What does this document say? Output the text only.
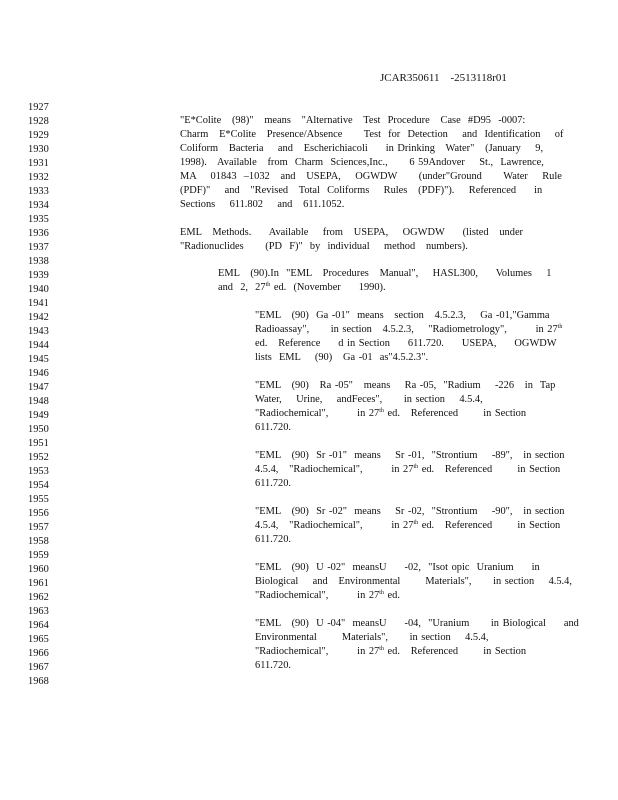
JCAR350611    -2513118r01
1927
1928
1929
1930
1931
1932
1933
1934
1935
1936
1937
1938
1939
1940
1941
1942
1943
1944
1945
1946
1947
1948
1949
1950
1951
1952
1953
1954
1955
1956
1957
1958
1959
1960
1961
1962
1963
1964
1965
1966
1967
1968
"E*Colite   (98)"   means   "Alternative   Test  Procedure   Case  #D95  -0007:
Charm   E*Colite   Presence/Absence      Test  for  Detection    and  Identification    of
Coliform   Bacteria    and   Escherichiacoli     in Drinking   Water"   (January    9,
1998).   Available   from  Charm  Sciences,Inc.,      6 59Andover    St.,  Lawrence,
MA    01843  –1032   and   USEPA,    OGWDW      (under"Ground      Water    Rule
(PDF)"    and   "Revised   Total  Coliforms    Rules   (PDF)").    Referenced     in
Sections    611.802    and   611.1052.
EML   Methods.     Available    from   USEPA,    OGWDW     (listed   under
"Radionuclides      (PD  F)"  by  individual    method   numbers).
EML   (90).In  "EML   Procedures   Manual",    HASL300,     Volumes    1
and  2,  27th ed.  (November     1990).
"EML   (90)  Ga -01"  means   section   4.5.2.3,    Ga -01,"Gamma
Radioassay",      in section   4.5.2.3,    "Radiometrology",        in 27th
ed.   Reference     d in Section     611.720.     USEPA,     OGWDW
lists  EML    (90)   Ga -01  as"4.5.2.3".
"EML   (90)   Ra -05"   means    Ra -05,  "Radium    -226   in  Tap
Water,    Urine,    andFeces",      in section    4.5.4,
"Radiochemical",        in 27th ed.   Referenced       in Section
611.720.
"EML   (90)  Sr -01"  means    Sr -01,  "Strontium    -89",   in section
4.5.4,   "Radiochemical",        in 27th ed.   Referenced       in Section
611.720.
"EML   (90)  Sr -02"  means    Sr -02,  "Strontium    -90",   in section
4.5.4,   "Radiochemical",        in 27th ed.   Referenced       in Section
611.720.
"EML   (90)  U -02"  meansU     -02,  "Isot opic  Uranium     in
Biological    and   Environmental       Materials",      in section    4.5.4,
"Radiochemical",        in 27th ed.
"EML   (90)  U -04"  meansU     -04,  "Uranium      in Biological     and
Environmental       Materials",      in section    4.5.4,
"Radiochemical",        in 27th ed.   Referenced       in Section
611.720.
